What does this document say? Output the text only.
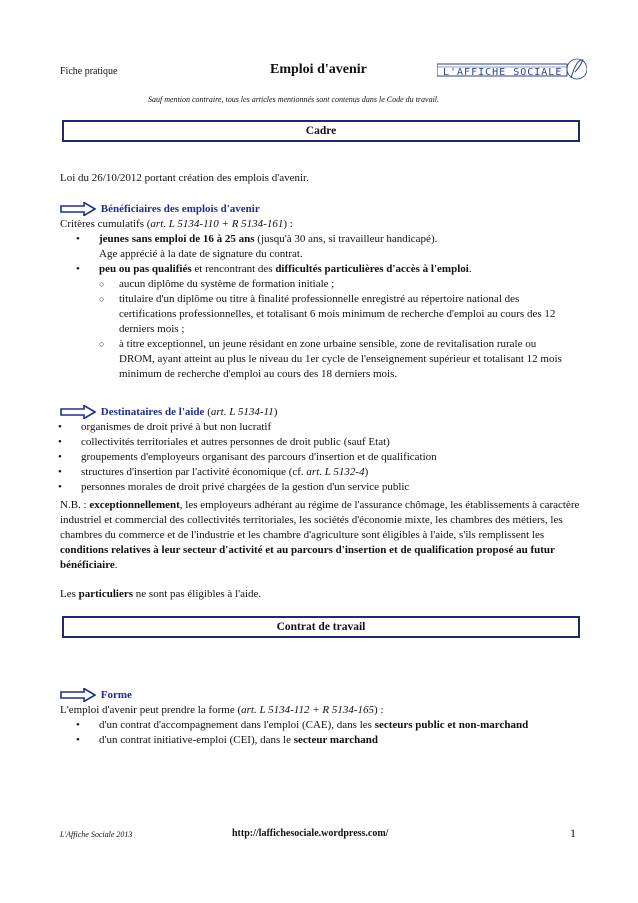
Fiche pratique	Emploi d'avenir	L'AFFICHE SOCIALE
Sauf mention contraire, tous les articles mentionnés sont contenus dans le Code du travail.
Cadre
Loi du 26/10/2012 portant création des emplois d'avenir.
Bénéficiaires des emplois d'avenir
Critères cumulatifs (art. L 5134-110 + R 5134-161) :
• jeunes sans emploi de 16 à 25 ans (jusqu'à 30 ans, si travailleur handicapé).
Age apprécié à la date de signature du contrat.
• peu ou pas qualifiés et rencontrant des difficultés particulières d'accès à l'emploi.
○ aucun diplôme du système de formation initiale ;
○ titulaire d'un diplôme ou titre à finalité professionnelle enregistré au répertoire national des certifications professionnelles, et totalisant 6 mois minimum de recherche d'emploi au cours des 12 derniers mois ;
○ à titre exceptionnel, un jeune résidant en zone urbaine sensible, zone de revitalisation rurale ou DROM, ayant atteint au plus le niveau du 1er cycle de l'enseignement supérieur et totalisant 12 mois minimum de recherche d'emploi au cours des 18 derniers mois.
Destinataires de l'aide (art. L 5134-11)
• organismes de droit privé à but non lucratif
• collectivités territoriales et autres personnes de droit public (sauf Etat)
• groupements d'employeurs organisant des parcours d'insertion et de qualification
• structures d'insertion par l'activité économique (cf. art. L 5132-4)
• personnes morales de droit privé chargées de la gestion d'un service public
N.B. : exceptionnellement, les employeurs adhérant au régime de l'assurance chômage, les établissements à caractère industriel et commercial des collectivités territoriales, les sociétés d'économie mixte, les chambres des métiers, les chambres du commerce et de l'industrie et les chambre d'agriculture sont éligibles à l'aide, s'ils remplissent les conditions relatives à leur secteur d'activité et au parcours d'insertion et de qualification proposé au futur bénéficiaire.
Les particuliers ne sont pas éligibles à l'aide.
Contrat de travail
Forme
L'emploi d'avenir peut prendre la forme (art. L 5134-112 + R 5134-165) :
• d'un contrat d'accompagnement dans l'emploi (CAE), dans les secteurs public et non-marchand
• d'un contrat initiative-emploi (CEI), dans le secteur marchand
L'Affiche Sociale 2013	http://laffichesociale.wordpress.com/	1
